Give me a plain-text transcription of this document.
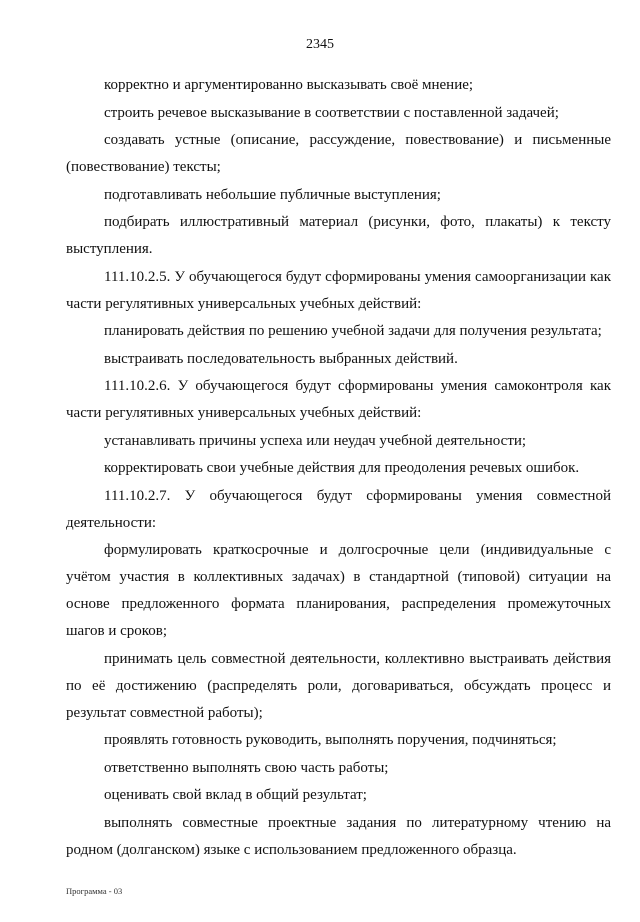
2345

корректно и аргументированно высказывать своё мнение;

строить речевое высказывание в соответствии с поставленной задачей;

создавать устные (описание, рассуждение, повествование) и письменные (повествование) тексты;

подготавливать небольшие публичные выступления;

подбирать иллюстративный материал (рисунки, фото, плакаты) к тексту выступления.

111.10.2.5. У обучающегося будут сформированы умения самоорганизации как части регулятивных универсальных учебных действий:

планировать действия по решению учебной задачи для получения результата;

выстраивать последовательность выбранных действий.

111.10.2.6. У обучающегося будут сформированы умения самоконтроля как части регулятивных универсальных учебных действий:

устанавливать причины успеха или неудач учебной деятельности;

корректировать свои учебные действия для преодоления речевых ошибок.

111.10.2.7. У обучающегося будут сформированы умения совместной деятельности:

формулировать краткосрочные и долгосрочные цели (индивидуальные с учётом участия в коллективных задачах) в стандартной (типовой) ситуации на основе предложенного формата планирования, распределения промежуточных шагов и сроков;

принимать цель совместной деятельности, коллективно выстраивать действия по её достижению (распределять роли, договариваться, обсуждать процесс и результат совместной работы);

проявлять готовность руководить, выполнять поручения, подчиняться;

ответственно выполнять свою часть работы;

оценивать свой вклад в общий результат;

выполнять совместные проектные задания по литературному чтению на родном (долганском) языке с использованием предложенного образца.

Программа - 03
